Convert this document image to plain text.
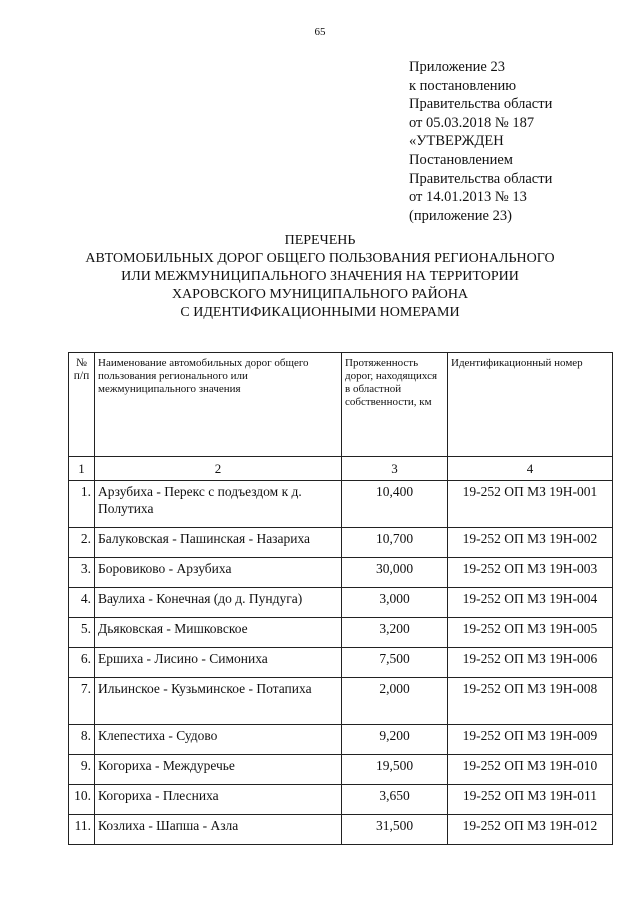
65
Приложение 23
к постановлению
Правительства области
от 05.03.2018 № 187
«УТВЕРЖДЕН
Постановлением
Правительства области
от 14.01.2013 № 13
(приложение 23)
ПЕРЕЧЕНЬ
АВТОМОБИЛЬНЫХ ДОРОГ ОБЩЕГО ПОЛЬЗОВАНИЯ РЕГИОНАЛЬНОГО
ИЛИ МЕЖМУНИЦИПАЛЬНОГО ЗНАЧЕНИЯ НА ТЕРРИТОРИИ
ХАРОВСКОГО МУНИЦИПАЛЬНОГО РАЙОНА
С ИДЕНТИФИКАЦИОННЫМИ НОМЕРАМИ
№ п/п	Наименование автомобильных дорог общего пользования регионального или межмуниципального значения	Протяженность дорог, находящихся в областной собственности, км	Идентификационный номер
1	2	3	4
1.	Арзубиха - Перекс с подъездом к д. Полутиха	10,400	19-252 ОП МЗ 19Н-001
2.	Балуковская - Пашинская - Назариха	10,700	19-252 ОП МЗ 19Н-002
3.	Боровиково - Арзубиха	30,000	19-252 ОП МЗ 19Н-003
4.	Ваулиха - Конечная (до д. Пундуга)	3,000	19-252 ОП МЗ 19Н-004
5.	Дьяковская - Мишковское	3,200	19-252 ОП МЗ 19Н-005
6.	Ершиха - Лисино - Симониха	7,500	19-252 ОП МЗ 19Н-006
7.	Ильинское - Кузьминское - Потапиха	2,000	19-252 ОП МЗ 19Н-008
8.	Клепестиха - Судово	9,200	19-252 ОП МЗ 19Н-009
9.	Когориха - Междуречье	19,500	19-252 ОП МЗ 19Н-010
10.	Когориха - Плесниха	3,650	19-252 ОП МЗ 19Н-011
11.	Козлиха - Шапша - Азла	31,500	19-252 ОП МЗ 19Н-012
